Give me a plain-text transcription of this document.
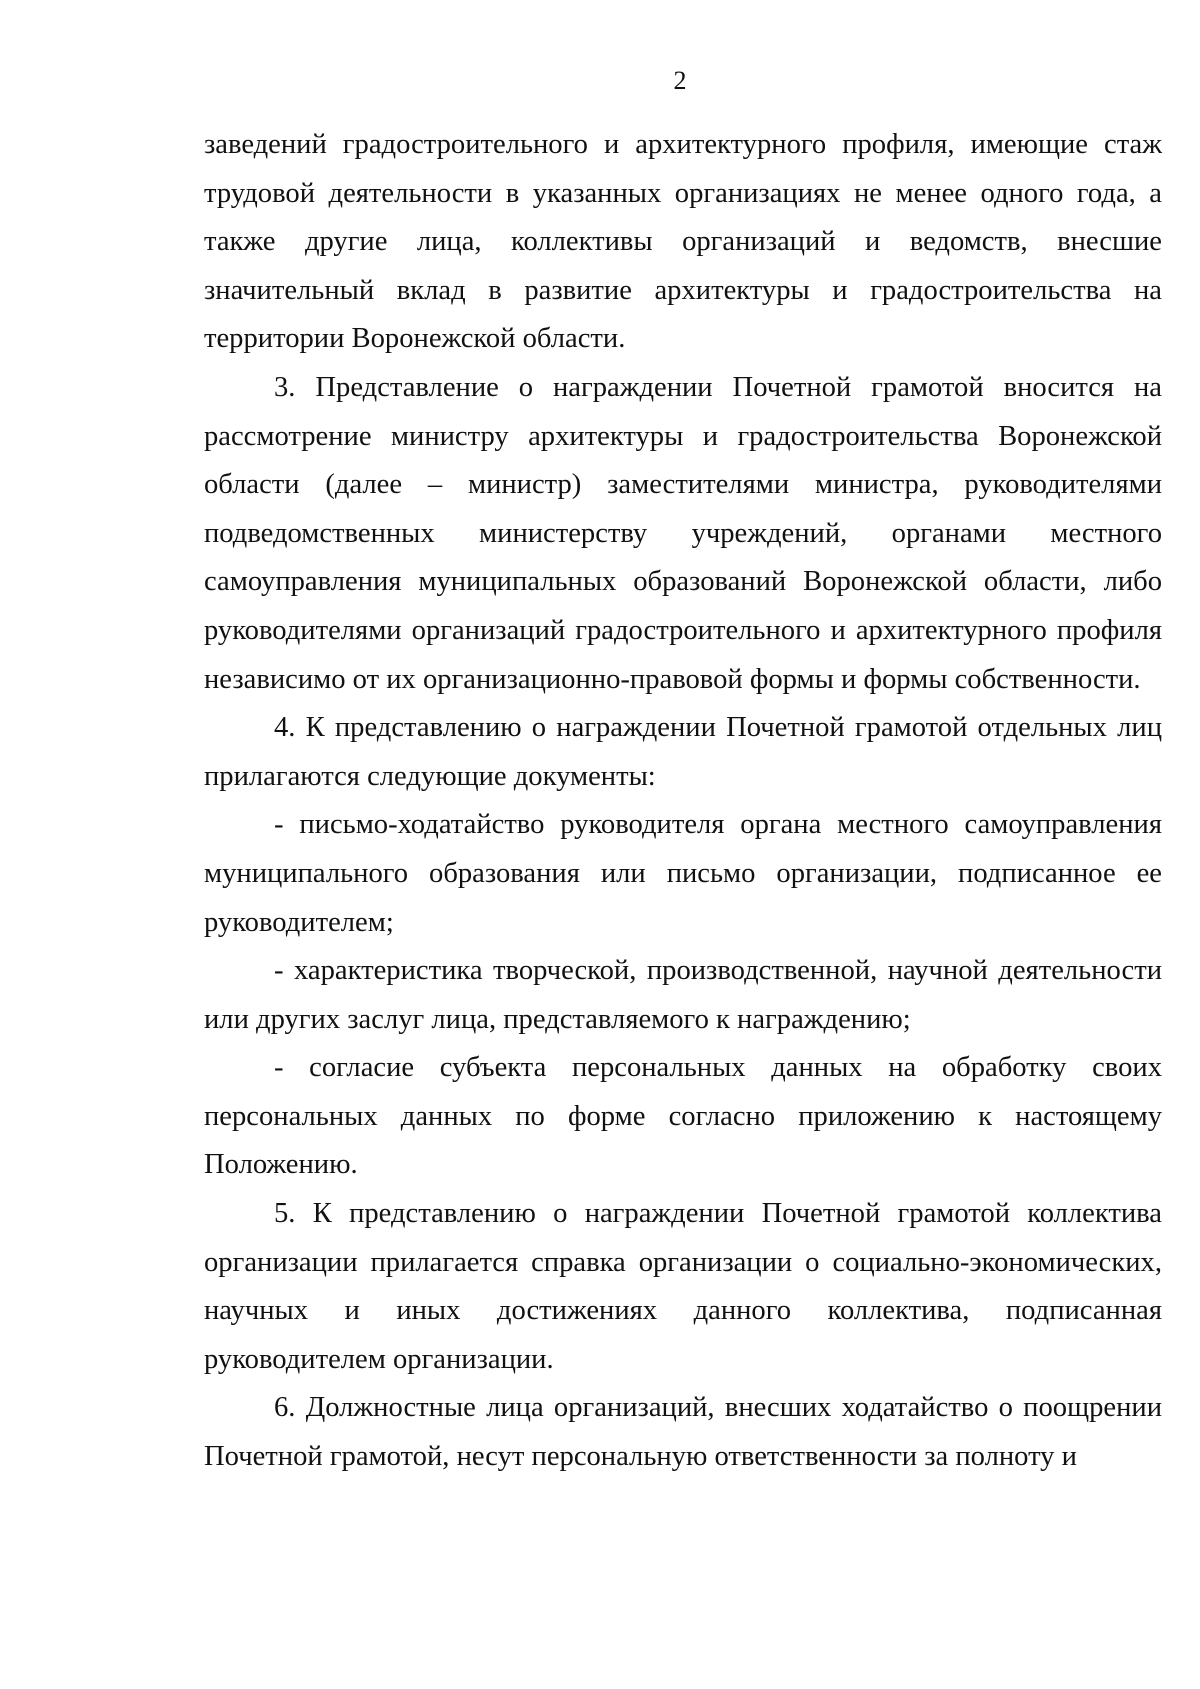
2

заведений градостроительного и архитектурного профиля, имеющие стаж трудовой деятельности в указанных организациях не менее одного года, а также другие лица, коллективы организаций и ведомств, внесшие значительный вклад в развитие архитектуры и градостроительства на территории Воронежской области.

3. Представление о награждении Почетной грамотой вносится на рассмотрение министру архитектуры и градостроительства Воронежской области (далее – министр) заместителями министра, руководителями подведомственных министерству учреждений, органами местного самоуправления муниципальных образований Воронежской области, либо руководителями организаций градостроительного и архитектурного профиля независимо от их организационно-правовой формы и формы собственности.

4. К представлению о награждении Почетной грамотой отдельных лиц прилагаются следующие документы:

- письмо-ходатайство руководителя органа местного самоуправления муниципального образования или письмо организации, подписанное ее руководителем;

- характеристика творческой, производственной, научной деятельности или других заслуг лица, представляемого к награждению;

- согласие субъекта персональных данных на обработку своих персональных данных по форме согласно приложению к настоящему Положению.

5. К представлению о награждении Почетной грамотой коллектива организации прилагается справка организации о социально-экономических, научных и иных достижениях данного коллектива, подписанная руководителем организации.

6. Должностные лица организаций, внесших ходатайство о поощрении Почетной грамотой, несут персональную ответственности за полноту и
